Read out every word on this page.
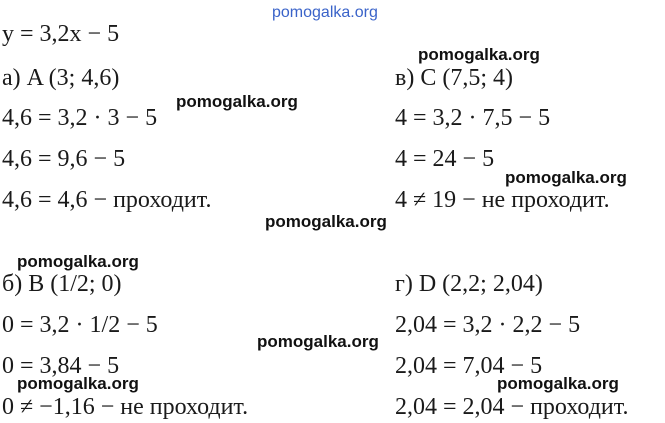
pomogalka.org
y = 3,2x − 5
а) A (3; 4,6)
4,6 = 3,2 · 3 − 5
4,6 = 9,6 − 5
4,6 = 4,6 − проходит.
в) C (7,5; 4)
4 = 3,2 · 7,5 − 5
4 = 24 − 5
4 ≠ 19 − не проходит.
б) B (1/2; 0)
0 = 3,2 · 1/2 − 5
0 = 3,84 − 5
0 ≠ −1,16 − не проходит.
г) D (2,2; 2,04)
2,04 = 3,2 · 2,2 − 5
2,04 = 7,04 − 5
2,04 = 2,04 − проходит.
pomogalka.org
pomogalka.org
pomogalka.org
pomogalka.org
pomogalka.org
pomogalka.org
pomogalka.org	pomogalka.org
